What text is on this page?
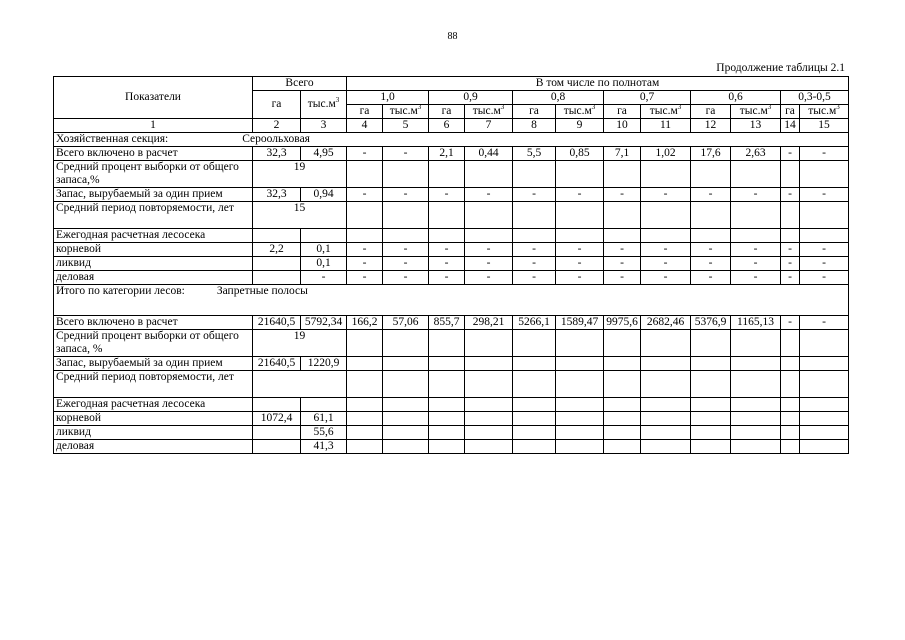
88
Продолжение таблицы 2.1
Показатели	Всего		В том числе по полнотам											
	га	$тыс.м^3$	1,0		0,9		0,8		0,7		0,6		0,3-0,5	
			га	$тыс.м^3$	га	$тыс.м^3$	га	$тыс.м^3$	га	$тыс.м^3$	га	$тыс.м^3$	га	$тыс.м^3$
1	2	3	4	5	6	7	8	9	10	11	12	13	14	15
Хозяйственная секция: Сероольховая														
Всего включено в расчет	32,3	4,95	-	-	2,1	0,44	5,5	0,85	7,1	1,02	17,6	2,63	-	-
Средний процент выборки от общего запаса,%	19													
Запас, вырубаемый за один прием	32,3	0,94	-	-	-	-	-	-	-	-	-	-	-	-
Средний период повторяемости, лет	15													
Ежегодная расчетная лесосека														
корневой	2,2	0,1	-	-	-	-	-	-	-	-	-	-	-	-
ликвид		0,1	-	-	-	-	-	-	-	-	-	-	-	-
деловая		-	-	-	-	-	-	-	-	-	-	-	-	-
Итого по категории лесов: Запретные полосы														
Всего включено в расчет	21640,5	5792,34	166,2	57,06	855,7	298,21	5266,1	1589,47	9975,6	2682,46	5376,9	1165,13	-	-
Средний процент выборки от общего запаса, %	19													
Запас, вырубаемый за один прием	21640,5	1220,9												
Средний период повторяемости, лет														
Ежегодная расчетная лесосека														
корневой	1072,4	61,1												
ликвид		55,6												
деловая		41,3												
